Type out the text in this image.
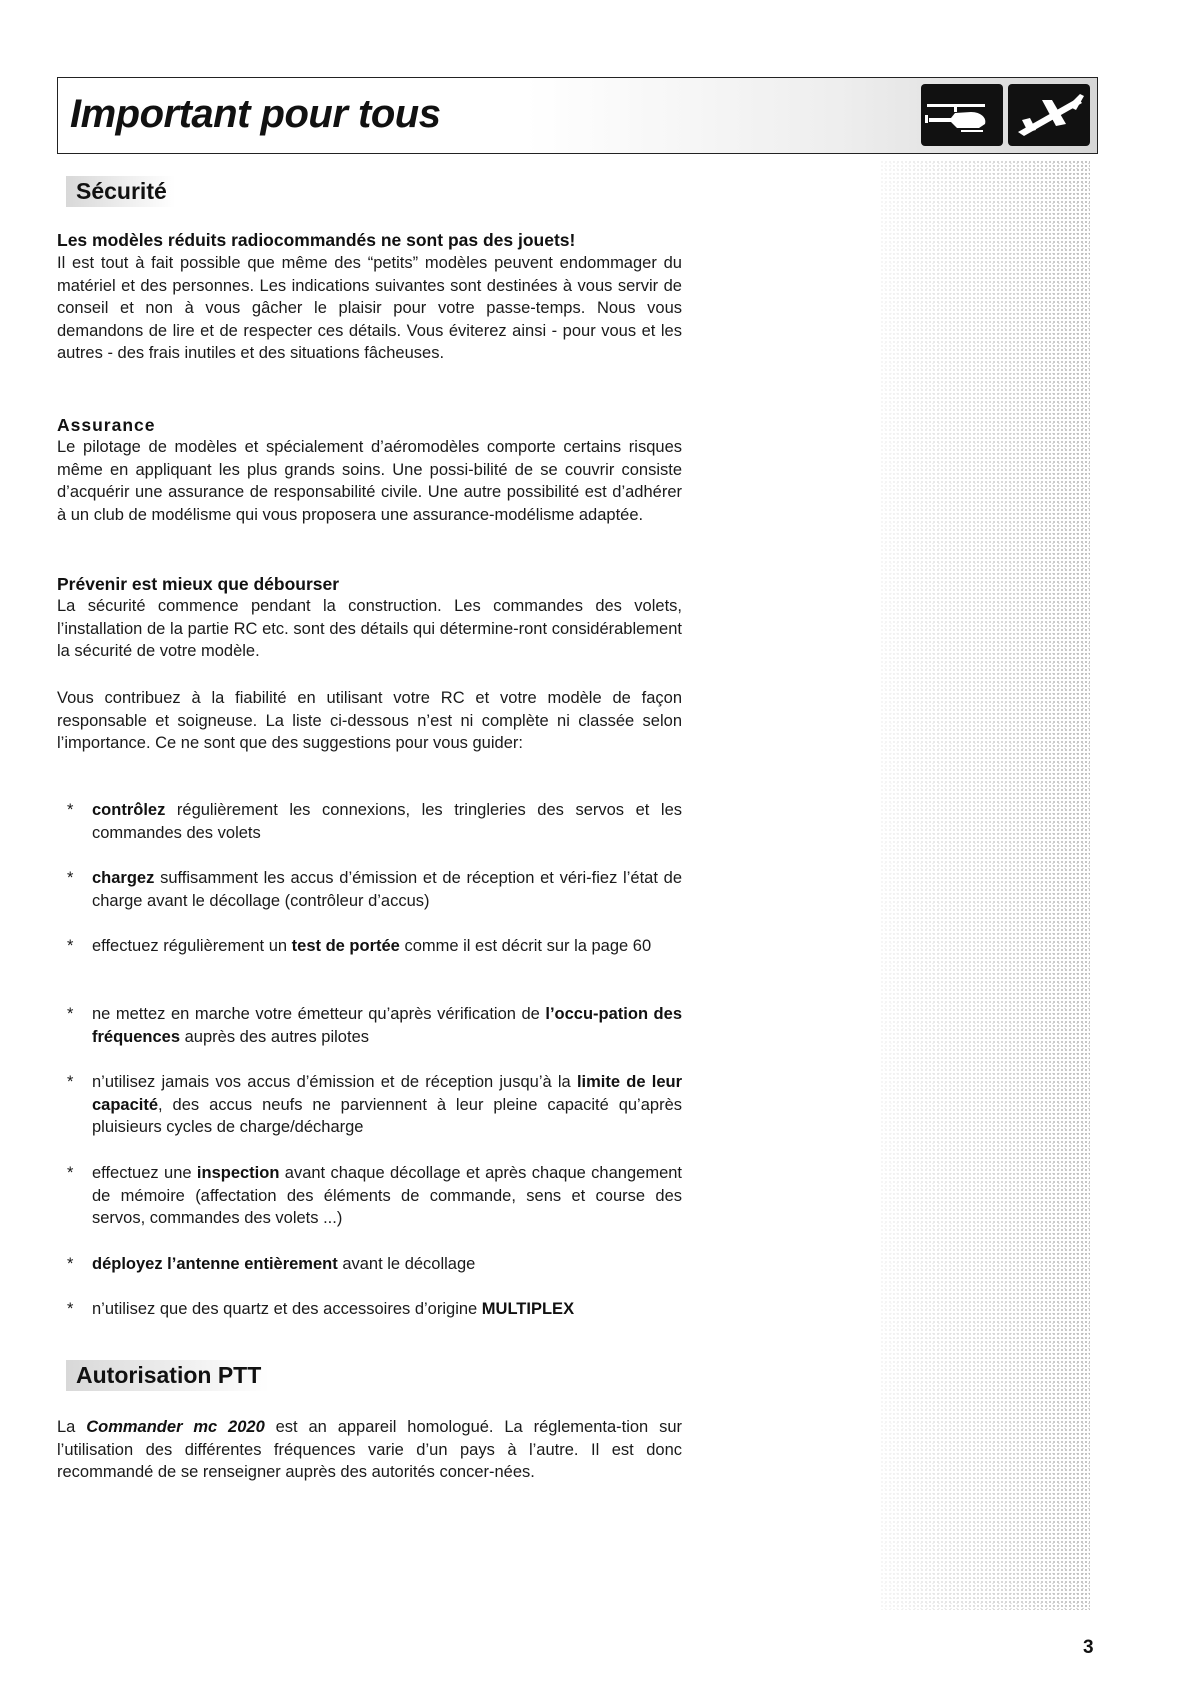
Important pour tous
Sécurité

Les modèles réduits radiocommandés ne sont pas des jouets!

Il est tout à fait possible que même des “petits” modèles peuvent endommager du matériel et des personnes. Les indications suivantes sont destinées à vous servir de conseil et non à vous gâcher le plaisir pour votre passe-temps. Nous vous demandons de lire et de respecter ces détails. Vous éviterez ainsi - pour vous et les autres - des frais inutiles et des situations fâcheuses.

Assurance

Le pilotage de modèles et spécialement d’aéromodèles comporte certains risques même en appliquant les plus grands soins. Une possi-bilité de se couvrir consiste d’acquérir une assurance de responsabilité civile. Une autre possibilité est d’adhérer à un club de modélisme qui vous proposera une assurance-modélisme adaptée.

Prévenir est mieux que débourser

La sécurité commence pendant la construction. Les commandes des volets, l’installation de la partie RC etc. sont des détails qui détermine-ront considérablement la sécurité de votre modèle.

Vous contribuez à la fiabilité en utilisant votre RC et votre modèle de façon responsable et soigneuse. La liste ci-dessous n’est ni complète ni classée selon l’importance. Ce ne sont que des suggestions pour vous guider:

* contrôlez régulièrement les connexions, les tringleries des servos et les commandes des volets

* chargez suffisamment les accus d’émission et de réception et véri-fiez l’état de charge avant le décollage (contrôleur d’accus)

* effectuez régulièrement un test de portée comme il est décrit sur la page 60

* ne mettez en marche votre émetteur qu’après vérification de l’occu-pation des fréquences auprès des autres pilotes

* n’utilisez jamais vos accus d’émission et de réception jusqu’à la limite de leur capacité, des accus neufs ne parviennent à leur pleine capacité qu’après pluisieurs cycles de charge/décharge

* effectuez une inspection avant chaque décollage et après chaque changement de mémoire (affectation des éléments de commande, sens et course des servos, commandes des volets ...)

* déployez l’antenne entièrement avant le décollage

* n’utilisez que des quartz et des accessoires d’origine MULTIPLEX

Autorisation PTT

La Commander mc 2020 est an appareil homologué. La réglementa-tion sur l’utilisation des différentes fréquences varie d’un pays à l’autre. Il est donc recommandé de se renseigner auprès des autorités concer-nées.

3
